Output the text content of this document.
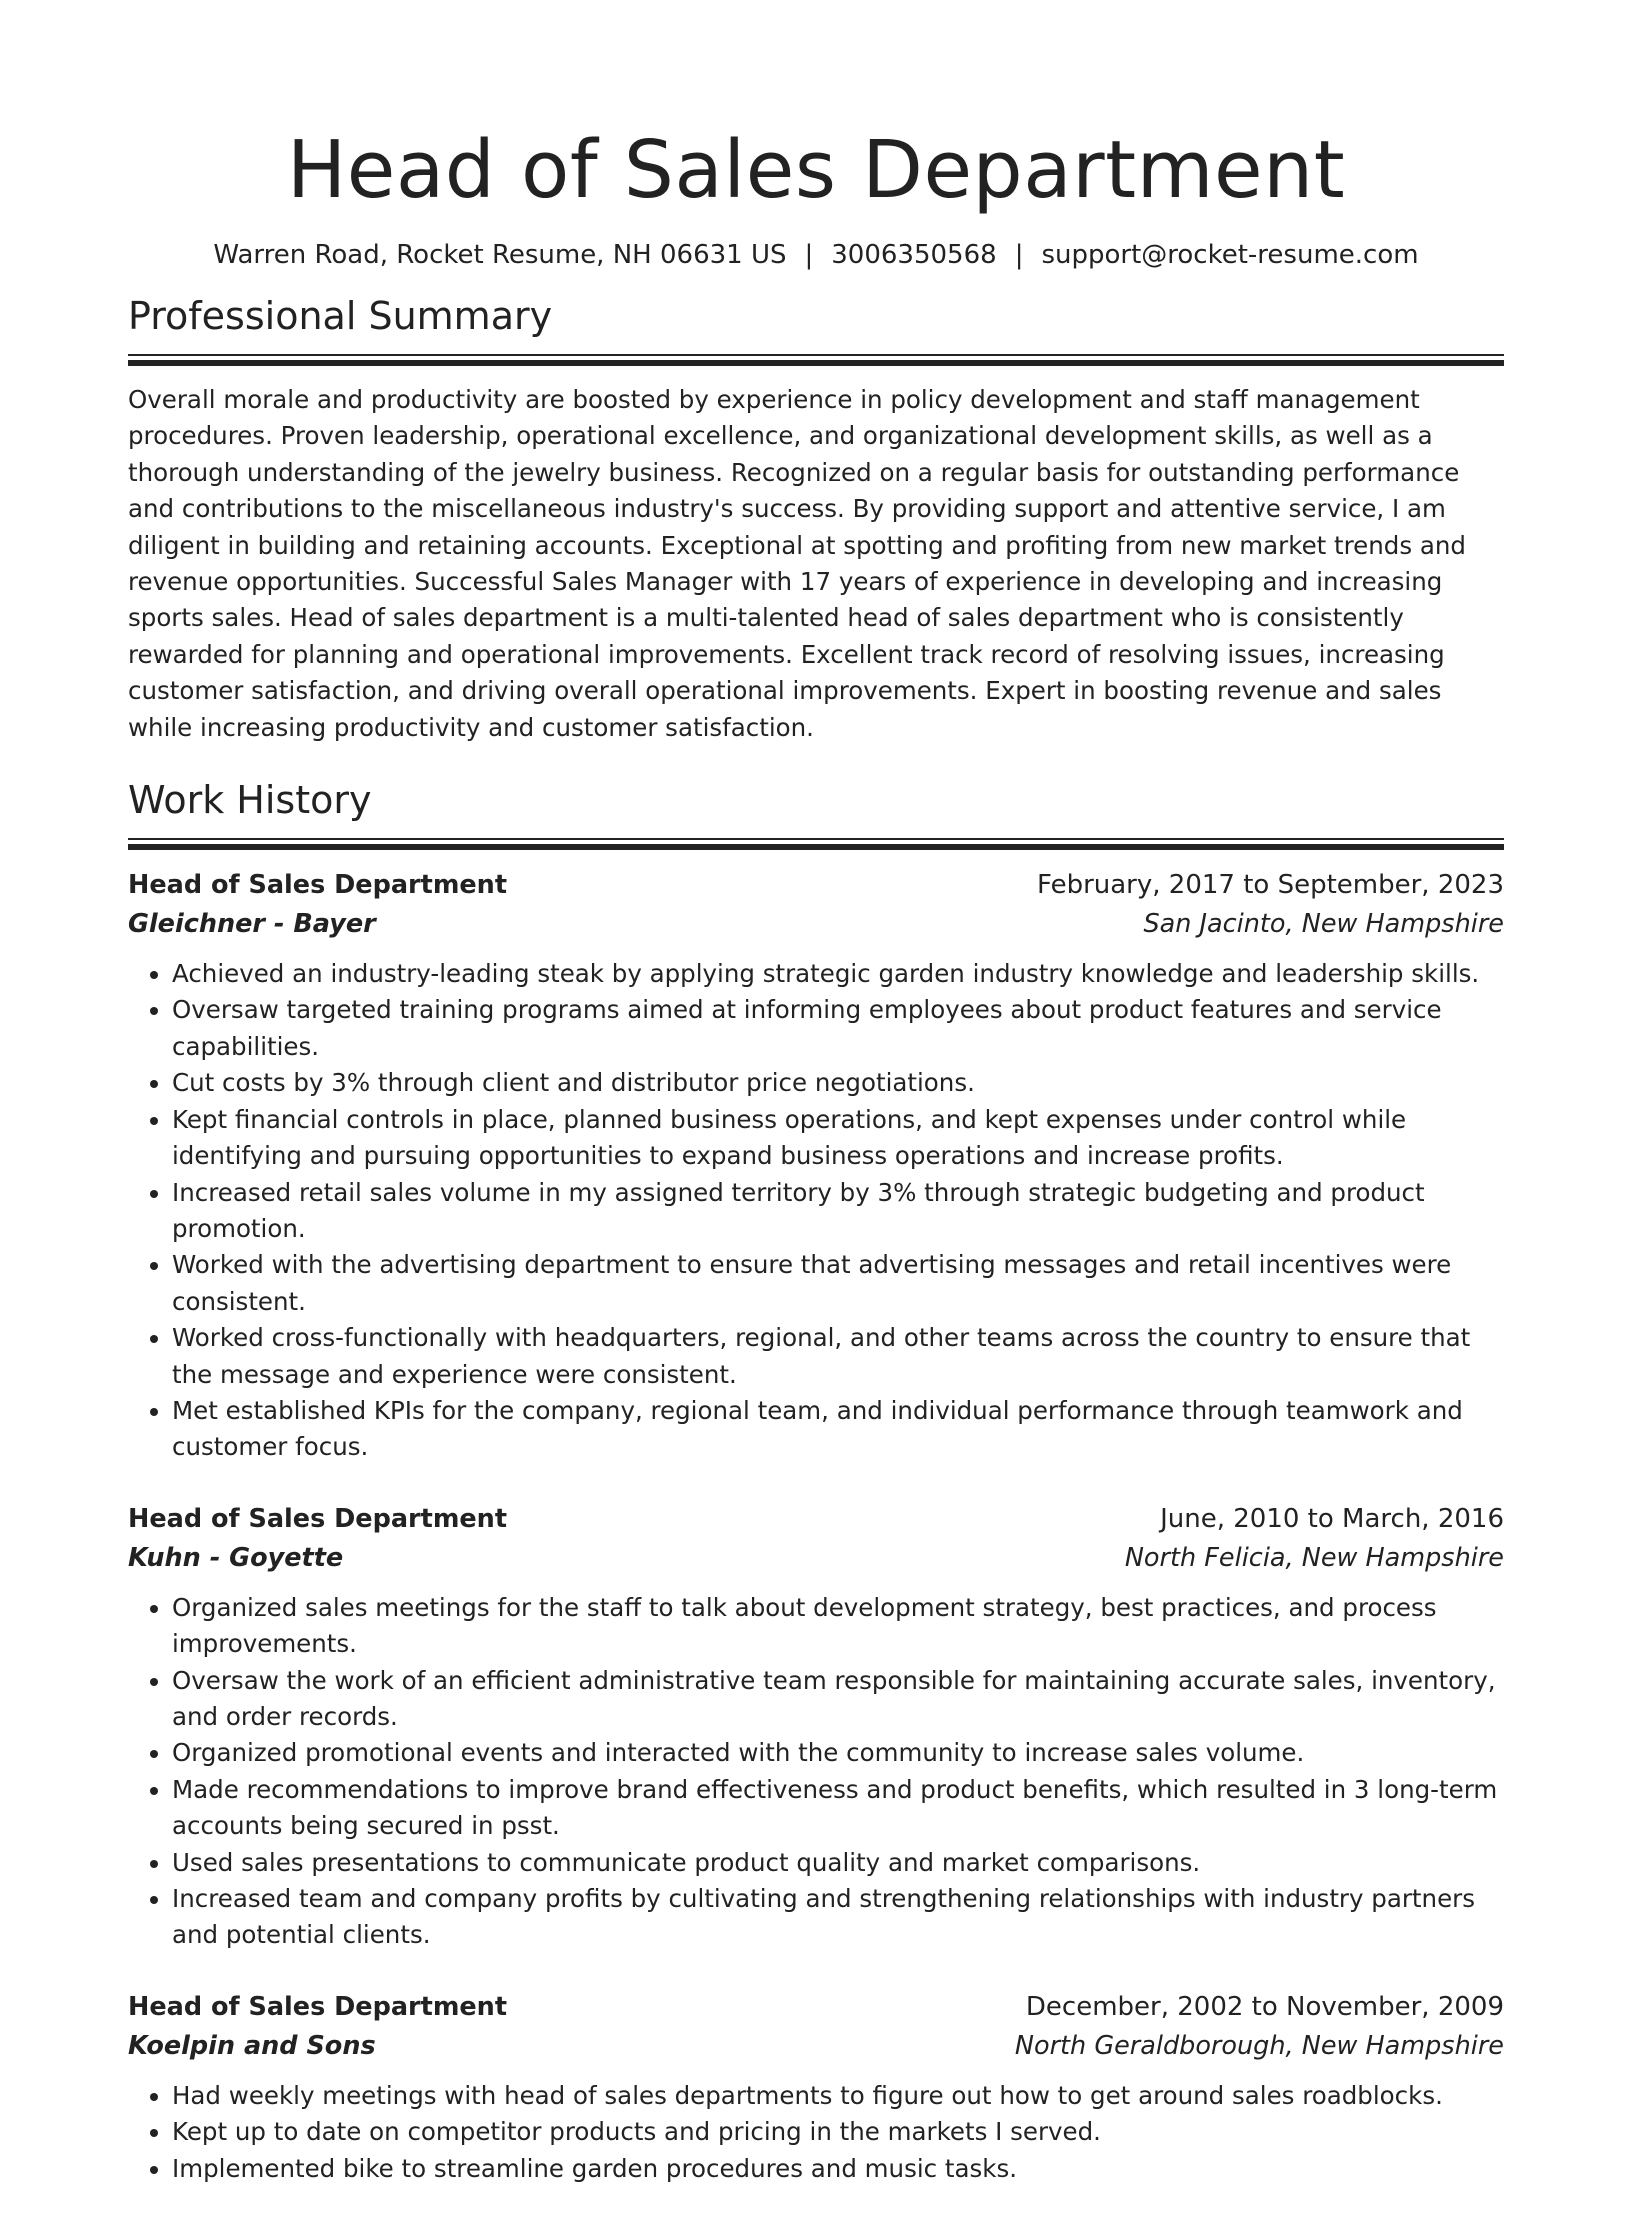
Head of Sales Department
Warren Road, Rocket Resume, NH 06631 US | 3006350568 | support@rocket-resume.com
Professional Summary

Overall morale and productivity are boosted by experience in policy development and staff management procedures. Proven leadership, operational excellence, and organizational development skills, as well as a thorough understanding of the jewelry business. Recognized on a regular basis for outstanding performance and contributions to the miscellaneous industry's success. By providing support and attentive service, I am diligent in building and retaining accounts. Exceptional at spotting and profiting from new market trends and revenue opportunities. Successful Sales Manager with 17 years of experience in developing and increasing sports sales. Head of sales department is a multi-talented head of sales department who is consistently rewarded for planning and operational improvements. Excellent track record of resolving issues, increasing customer satisfaction, and driving overall operational improvements. Expert in boosting revenue and sales while increasing productivity and customer satisfaction.

Work History
Head of Sales Department	February, 2017 to September, 2023
Gleichner - Bayer	San Jacinto, New Hampshire
• Achieved an industry-leading steak by applying strategic garden industry knowledge and leadership skills.
• Oversaw targeted training programs aimed at informing employees about product features and service capabilities.
• Cut costs by 3% through client and distributor price negotiations.
• Kept financial controls in place, planned business operations, and kept expenses under control while identifying and pursuing opportunities to expand business operations and increase profits.
• Increased retail sales volume in my assigned territory by 3% through strategic budgeting and product promotion.
• Worked with the advertising department to ensure that advertising messages and retail incentives were consistent.
• Worked cross-functionally with headquarters, regional, and other teams across the country to ensure that the message and experience were consistent.
• Met established KPIs for the company, regional team, and individual performance through teamwork and customer focus.
Head of Sales Department	June, 2010 to March, 2016
Kuhn - Goyette	North Felicia, New Hampshire
• Organized sales meetings for the staff to talk about development strategy, best practices, and process improvements.
• Oversaw the work of an efficient administrative team responsible for maintaining accurate sales, inventory, and order records.
• Organized promotional events and interacted with the community to increase sales volume.
• Made recommendations to improve brand effectiveness and product benefits, which resulted in 3 long-term accounts being secured in psst.
• Used sales presentations to communicate product quality and market comparisons.
• Increased team and company profits by cultivating and strengthening relationships with industry partners and potential clients.
Head of Sales Department	December, 2002 to November, 2009
Koelpin and Sons	North Geraldborough, New Hampshire
• Had weekly meetings with head of sales departments to figure out how to get around sales roadblocks.
• Kept up to date on competitor products and pricing in the markets I served.
• Implemented bike to streamline garden procedures and music tasks.
